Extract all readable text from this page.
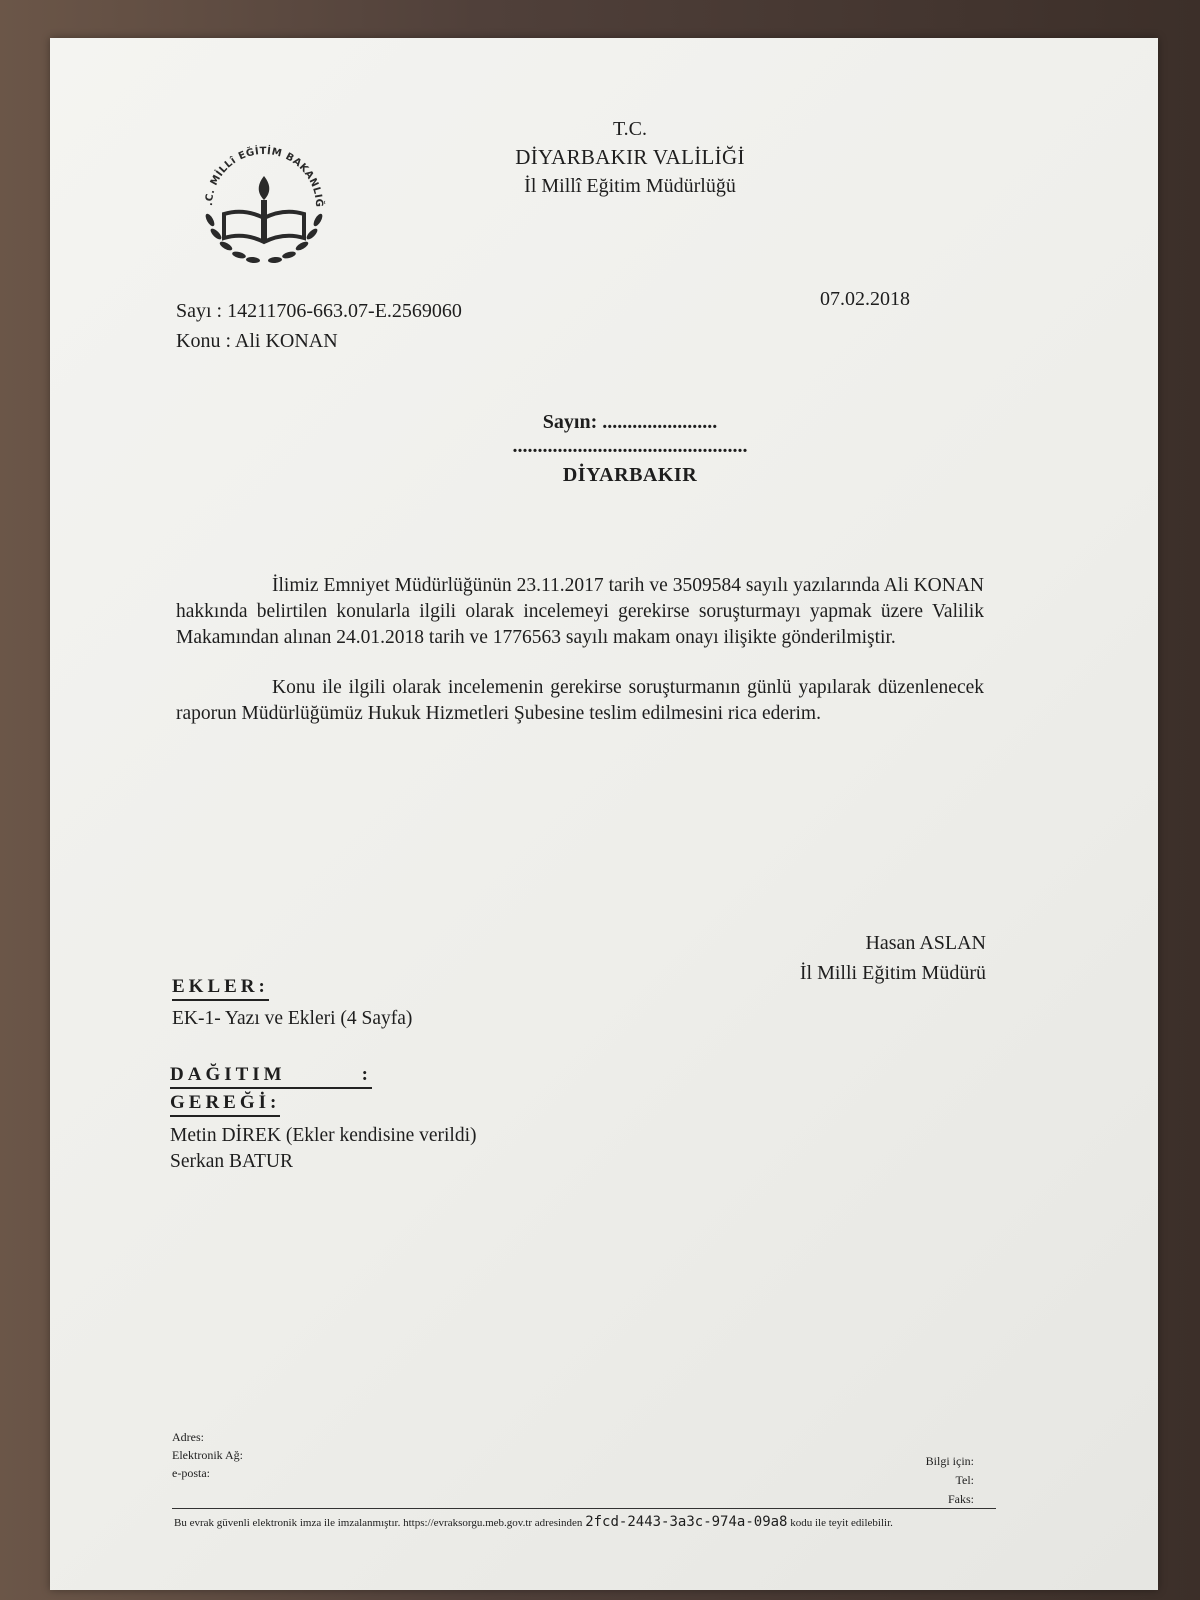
.C. MİLLî EĞİTİM BAKANLIĞ
T.C.
DİYARBAKIR VALİLİĞİ
İl Millî Eğitim Müdürlüğü
Sayı : 14211706-663.07-E.2569060
Konu : Ali KONAN
07.02.2018
Sayın: .......................
...............................................
DİYARBAKIR

İlimiz Emniyet Müdürlüğünün 23.11.2017 tarih ve 3509584 sayılı yazılarında Ali KONAN hakkında belirtilen konularla ilgili olarak incelemeyi gerekirse soruşturmayı yapmak üzere Valilik Makamından alınan 24.01.2018 tarih ve 1776563 sayılı makam onayı ilişikte gönderilmiştir.

Konu ile ilgili olarak incelemenin gerekirse soruşturmanın günlü yapılarak düzenlenecek raporun Müdürlüğümüz Hukuk Hizmetleri Şubesine teslim edilmesini rica ederim.

Hasan ASLAN
İl Milli Eğitim Müdürü
EKLER:
EK-1- Yazı ve Ekleri (4 Sayfa)
DAĞITIM	:
GEREĞİ:
Metin DİREK (Ekler kendisine verildi)
Serkan BATUR
Adres:
Elektronik Ağ:
e-posta:
Bilgi için:
Tel:
Faks:
Bu evrak güvenli elektronik imza ile imzalanmıştır. https://evraksorgu.meb.gov.tr adresinden 2fcd-2443-3a3c-974a-09a8 kodu ile teyit edilebilir.
